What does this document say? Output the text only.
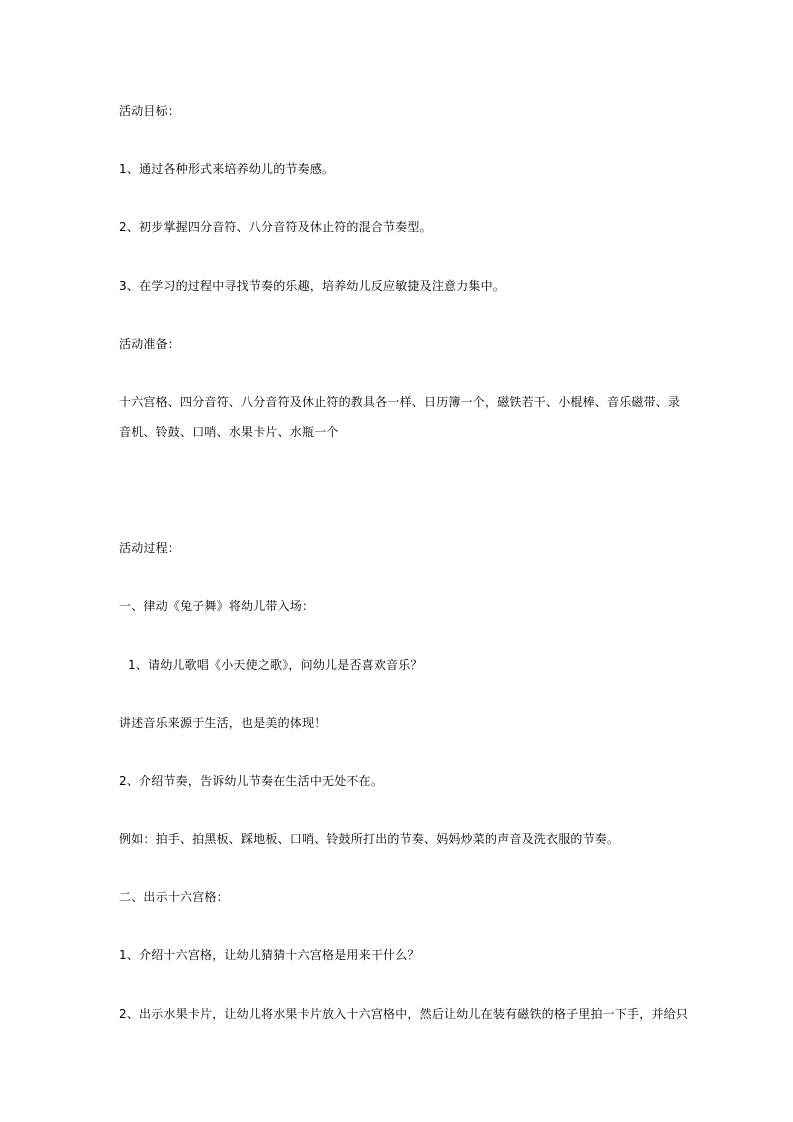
活动目标：
1、通过各种形式来培养幼儿的节奏感。
2、初步掌握四分音符、八分音符及休止符的混合节奏型。
3、在学习的过程中寻找节奏的乐趣，培养幼儿反应敏捷及注意力集中。
活动准备：
十六宫格、四分音符、八分音符及休止符的教具各一样、日历簿一个，磁铁若干、小棍棒、音乐磁带、录
音机、铃鼓、口哨、水果卡片、水瓶一个
活动过程：
一、律动《兔子舞》将幼儿带入场：
1、请幼儿歌唱《小天使之歌》，问幼儿是否喜欢音乐？
讲述音乐来源于生活，也是美的体现！
2、介绍节奏，告诉幼儿节奏在生活中无处不在。
例如：拍手、拍黑板、踩地板、口哨、铃鼓所打出的节奏、妈妈炒菜的声音及洗衣服的节奏。
二、出示十六宫格：
1、介绍十六宫格，让幼儿猜猜十六宫格是用来干什么？
2、出示水果卡片，让幼儿将水果卡片放入十六宫格中，然后让幼儿在装有磁铁的格子里拍一下手，并给只
